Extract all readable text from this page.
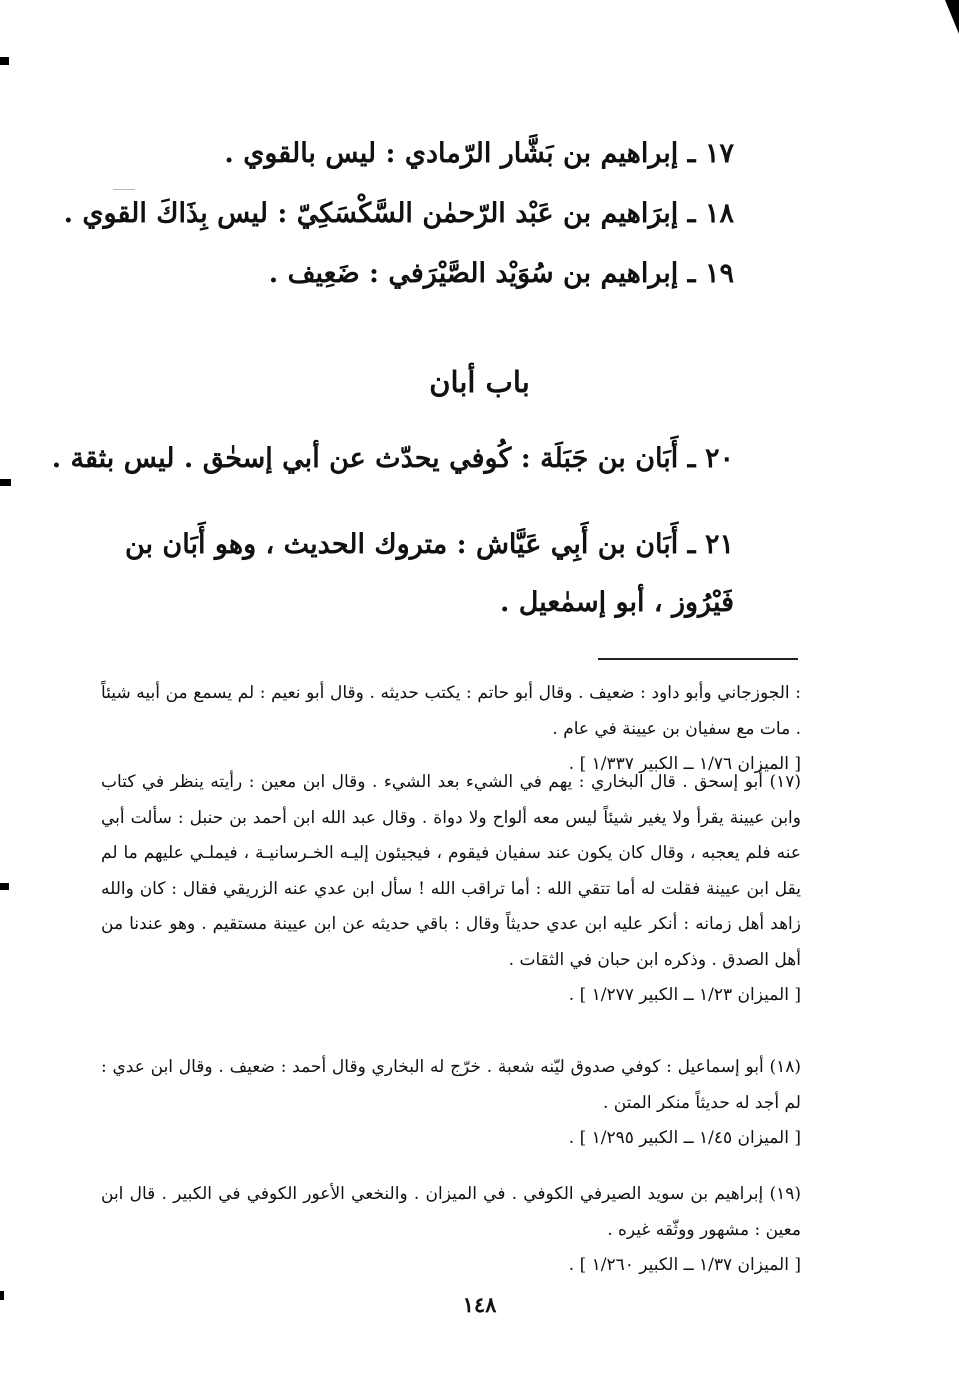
١٧ ـ إبراهيم بن بَشَّار الرّمادي : ليس بالقوي .
١٨ ـ إبرَاهيم بن عَبْد الرّحمٰن السَّكْسَكِيّ : ليس بِذَاكَ القوي .
١٩ ـ إبراهيم بن سُوَيْد الصَّيْرَفي : ضَعِيف .
باب أبان
٢٠ ـ أَبَان بن جَبَلَة : كُوفي يحدّث عن أبي إسحٰق . ليس بثقة .
٢١ ـ أَبَان بن أَبِي عَيَّاش : متروك الحديث ، وهو أَبَان بن فَيْرُوز ، أبو إسمٰعيل .
: الجوزجاني وأبو داود : ضعيف . وقال أبو حاتم : يكتب حديثه . وقال أبو نعيم : لم يسمع من أبيه شيئاً . مات مع سفيان بن عيينة في عام .
[ الميزان ١/٧٦ ــ الكبير ١/٣٣٧ ] .
(١٧) أبو إسحق . قال البخاري : يهم في الشيء بعد الشيء . وقال ابن معين : رأيته ينظر في كتاب وابن عيينة يقرأ ولا يغير شيئاً ليس معه ألواح ولا دواة . وقال عبد الله ابن أحمد بن حنبل : سألت أبي عنه فلم يعجبه ، وقال كان يكون عند سفيان فيقوم ، فيجيئون إليـه الخـرسانيـة ، فيملـي عليهم ما لم يقل ابن عيينة فقلت له أما تتقي الله : أما تراقب الله ! سأل ابن عدي عنه الزريقي فقال : كان والله زاهد أهل زمانه : أنكر عليه ابن عدي حديثاً وقال : باقي حديثه عن ابن عيينة مستقيم . وهو عندنا من أهل الصدق . وذكره ابن حبان في الثقات .
[ الميزان ١/٢٣ ــ الكبير ١/٢٧٧ ] .
(١٨) أبو إسماعيل : كوفي صدوق ليّنه شعبة . خرّج له البخاري وقال أحمد : ضعيف . وقال ابن عدي : لم أجد له حديثاً منكر المتن .
[ الميزان ١/٤٥ ــ الكبير ١/٢٩٥ ] .
(١٩) إبراهيم بن سويد الصيرفي الكوفي . في الميزان . والنخعي الأعور الكوفي في الكبير . قال ابن معين : مشهور ووثّقه غيره .
[ الميزان ١/٣٧ ــ الكبير ١/٢٦٠ ] .
١٤٨
